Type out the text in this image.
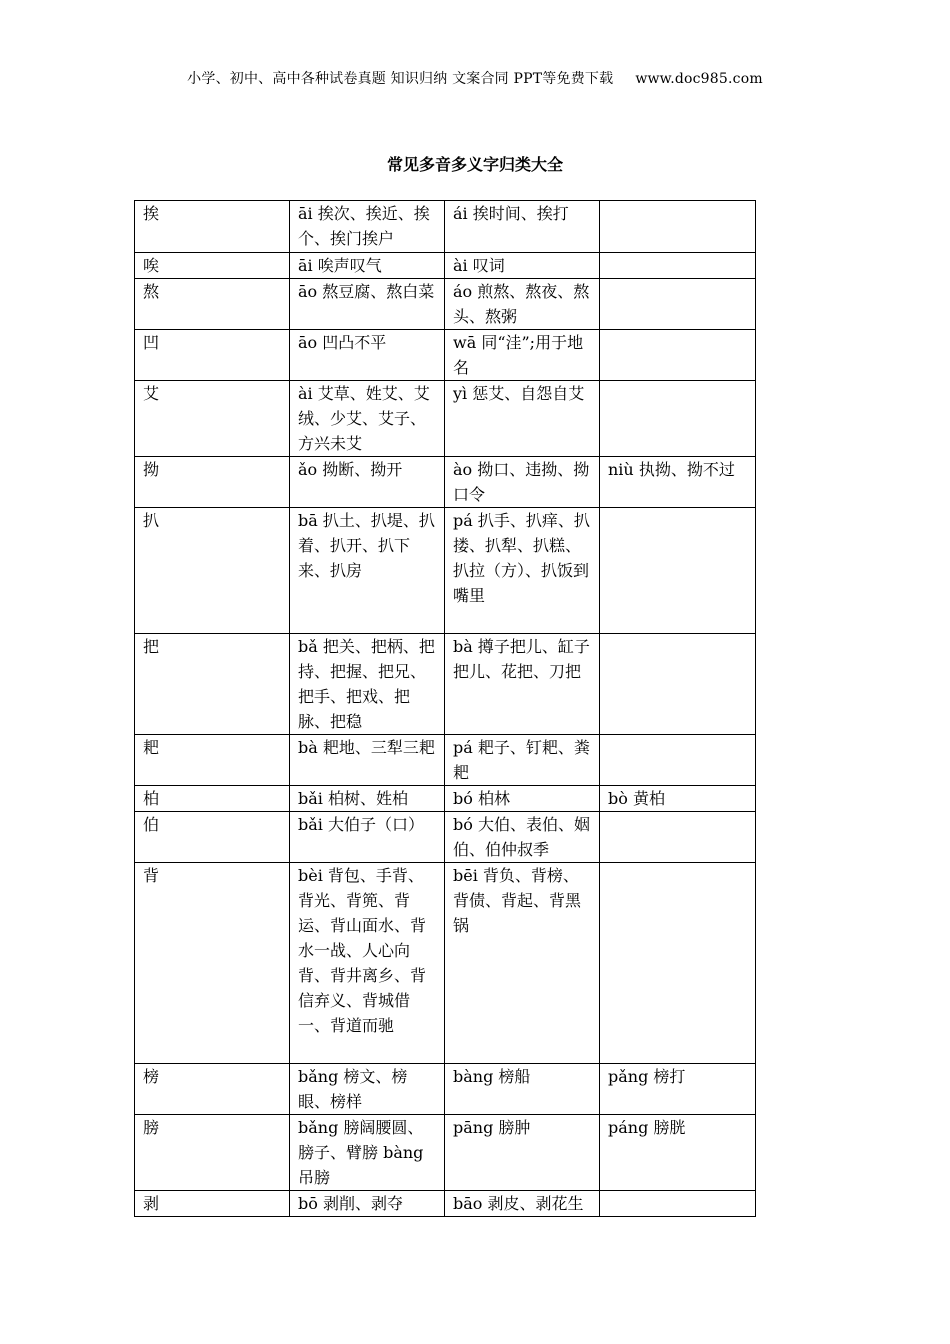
小学、初中、高中各种试卷真题 知识归纳 文案合同 PPT等免费下载 www.doc985.com
常见多音多义字归类大全
挨	āi 挨次、挨近、挨个、挨门挨户	ái 挨时间、挨打	
唉	āi 唉声叹气	ài 叹词	
熬	āo 熬豆腐、熬白菜	áo 煎熬、熬夜、熬头、熬粥	
凹	āo 凹凸不平	wā 同“洼”;用于地名	
艾	ài 艾草、姓艾、艾绒、少艾、艾子、方兴未艾	yì 惩艾、自怨自艾	
拗	ǎo 拗断、拗开	ào 拗口、违拗、拗口令	niù 执拗、拗不过
扒	bā 扒土、扒堤、扒着、扒开、扒下来、扒房	pá 扒手、扒痒、扒搂、扒犁、扒糕、扒拉（方）、扒饭到嘴里	
把	bǎ 把关、把柄、把持、把握、把兄、把手、把戏、把脉、把稳	bà 撙子把儿、缸子把儿、花把、刀把	
耙	bà 耙地、三犁三耙	pá 耙子、钉耙、粪耙	
柏	bǎi 柏树、姓柏	bó 柏林	bò 黄柏
伯	bǎi 大伯子（口）	bó 大伯、表伯、姻伯、伯仲叔季	
背	bèi 背包、手背、背光、背篼、背运、背山面水、背水一战、人心向背、背井离乡、背信弃义、背城借一、背道而驰	bēi 背负、背榜、背债、背起、背黑锅	
榜	bǎng 榜文、榜眼、榜样	bàng 榜船	pǎng 榜打
膀	bǎng 膀阔腰圆、膀子、臂膀 bàng 吊膀	pāng 膀肿	páng 膀胱
剥	bō 剥削、剥夺	bāo 剥皮、剥花生	
